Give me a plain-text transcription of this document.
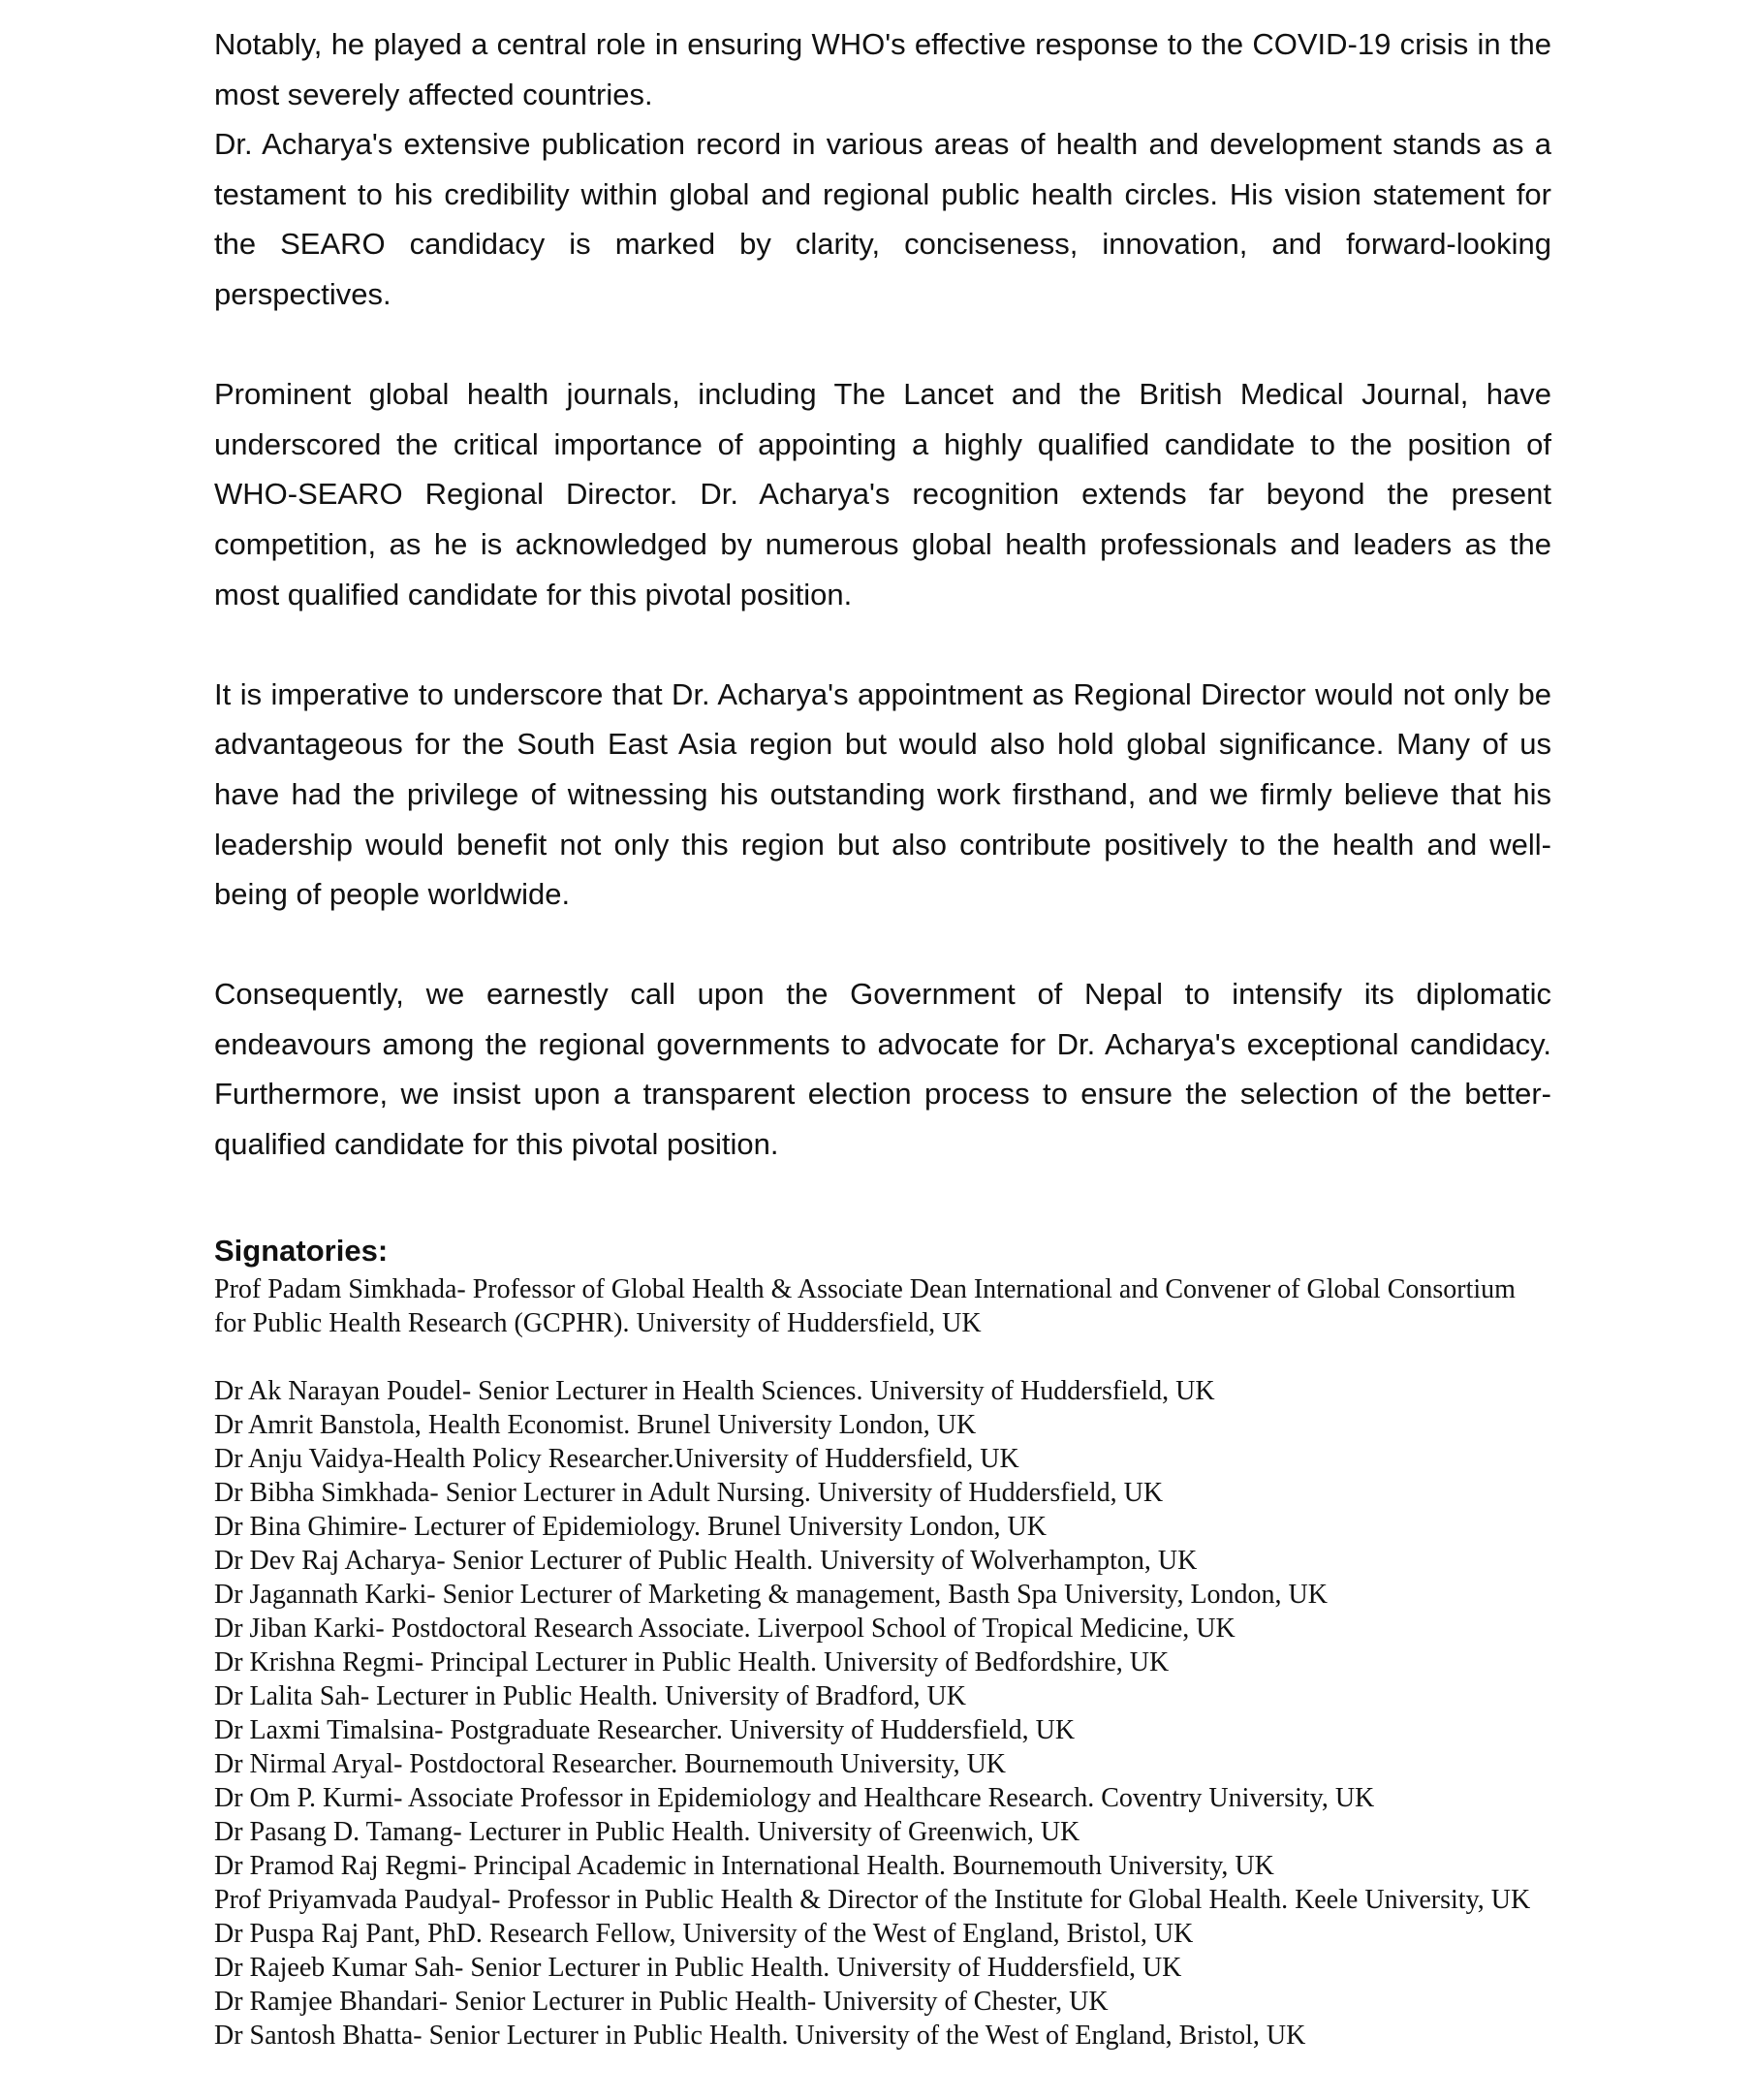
Notably, he played a central role in ensuring WHO's effective response to the COVID-19 crisis in the most severely affected countries.

Dr. Acharya's extensive publication record in various areas of health and development stands as a testament to his credibility within global and regional public health circles. His vision statement for the SEARO candidacy is marked by clarity, conciseness, innovation, and forward-looking perspectives.

Prominent global health journals, including The Lancet and the British Medical Journal, have underscored the critical importance of appointing a highly qualified candidate to the position of WHO-SEARO Regional Director. Dr. Acharya's recognition extends far beyond the present competition, as he is acknowledged by numerous global health professionals and leaders as the most qualified candidate for this pivotal position.

It is imperative to underscore that Dr. Acharya's appointment as Regional Director would not only be advantageous for the South East Asia region but would also hold global significance. Many of us have had the privilege of witnessing his outstanding work firsthand, and we firmly believe that his leadership would benefit not only this region but also contribute positively to the health and well-being of people worldwide.

Consequently, we earnestly call upon the Government of Nepal to intensify its diplomatic endeavours among the regional governments to advocate for Dr. Acharya's exceptional candidacy. Furthermore, we insist upon a transparent election process to ensure the selection of the better-qualified candidate for this pivotal position.

Signatories:

Prof Padam Simkhada- Professor of Global Health & Associate Dean International and Convener of Global Consortium for Public Health Research (GCPHR). University of Huddersfield, UK

Dr Ak Narayan Poudel- Senior Lecturer in Health Sciences. University of Huddersfield, UK
Dr Amrit Banstola, Health Economist. Brunel University London, UK
Dr Anju Vaidya-Health Policy Researcher.University of Huddersfield, UK
Dr Bibha Simkhada- Senior Lecturer in Adult Nursing. University of Huddersfield, UK
Dr Bina Ghimire- Lecturer of Epidemiology. Brunel University London, UK
Dr Dev Raj Acharya- Senior Lecturer of Public Health. University of Wolverhampton, UK
Dr Jagannath Karki- Senior Lecturer of Marketing & management, Basth Spa University, London, UK
Dr Jiban Karki- Postdoctoral Research Associate. Liverpool School of Tropical Medicine, UK
Dr Krishna Regmi- Principal Lecturer in Public Health. University of Bedfordshire, UK
Dr Lalita Sah- Lecturer in Public Health. University of Bradford, UK
Dr Laxmi Timalsina- Postgraduate Researcher. University of Huddersfield, UK
Dr Nirmal Aryal- Postdoctoral Researcher. Bournemouth University, UK
Dr Om P. Kurmi- Associate Professor in Epidemiology and Healthcare Research. Coventry University, UK
Dr Pasang D. Tamang- Lecturer in Public Health. University of Greenwich, UK
Dr Pramod Raj Regmi- Principal Academic in International Health. Bournemouth University, UK
Prof Priyamvada Paudyal- Professor in Public Health & Director of the Institute for Global Health. Keele University, UK
Dr Puspa Raj Pant, PhD. Research Fellow, University of the West of England, Bristol, UK
Dr Rajeeb Kumar Sah- Senior Lecturer in Public Health. University of Huddersfield, UK
Dr Ramjee Bhandari- Senior Lecturer in Public Health- University of Chester, UK
Dr Santosh Bhatta- Senior Lecturer in Public Health. University of the West of England, Bristol, UK
